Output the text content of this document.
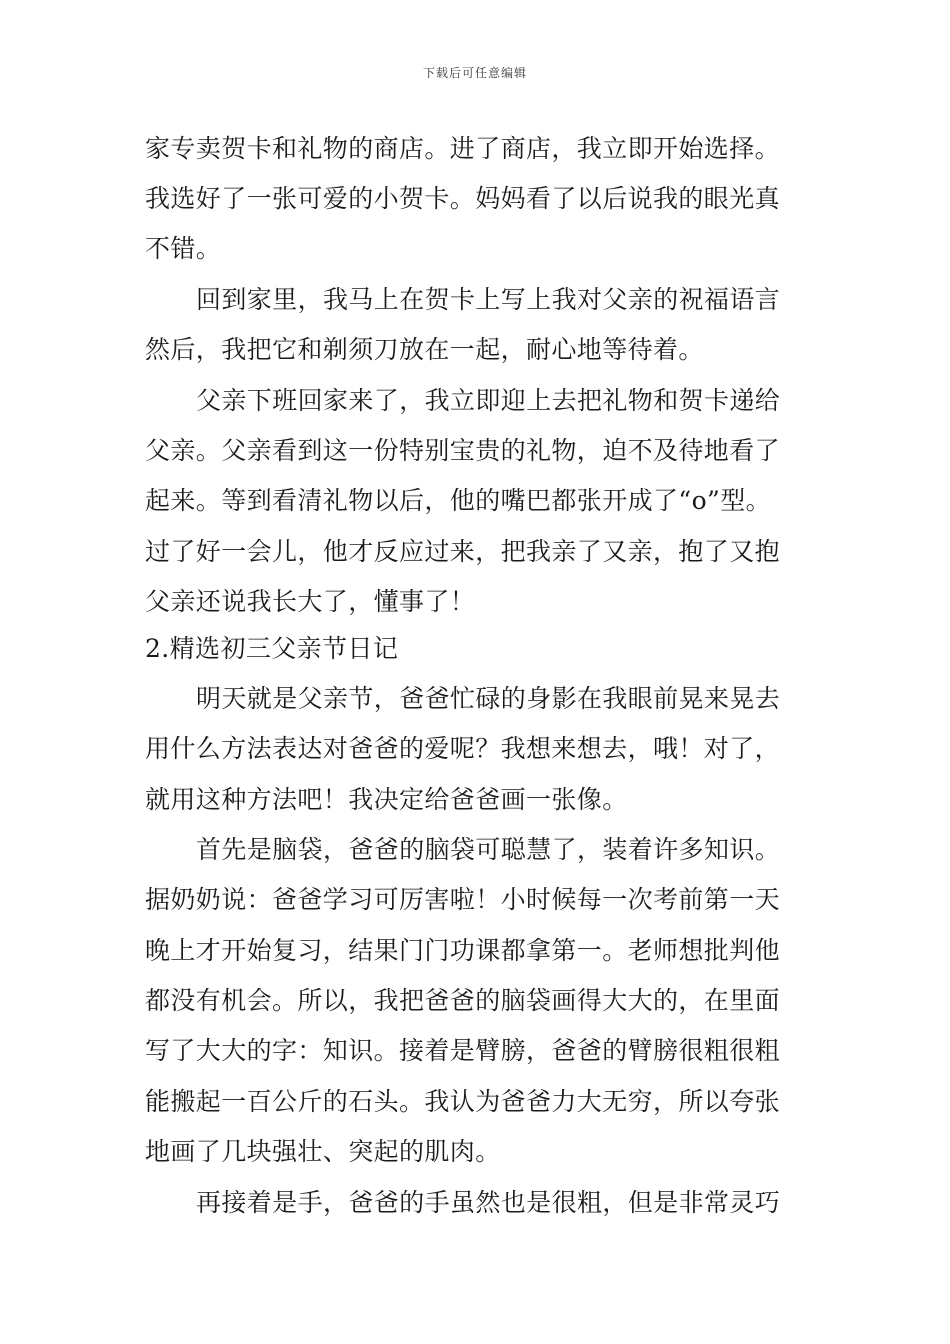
下载后可任意编辑
家专卖贺卡和礼物的商店。进了商店，我立即开始选择。
我选好了一张可爱的小贺卡。妈妈看了以后说我的眼光真
不错。
回到家里，我马上在贺卡上写上我对父亲的祝福语言
然后，我把它和剃须刀放在一起，耐心地等待着。
父亲下班回家来了，我立即迎上去把礼物和贺卡递给
父亲。父亲看到这一份特别宝贵的礼物，迫不及待地看了
起来。等到看清礼物以后，他的嘴巴都张开成了“o”型。
过了好一会儿，他才反应过来，把我亲了又亲，抱了又抱
父亲还说我长大了，懂事了！
2.精选初三父亲节日记
明天就是父亲节，爸爸忙碌的身影在我眼前晃来晃去
用什么方法表达对爸爸的爱呢？我想来想去，哦！对了，
就用这种方法吧！我决定给爸爸画一张像。
首先是脑袋，爸爸的脑袋可聪慧了，装着许多知识。
据奶奶说：爸爸学习可厉害啦！小时候每一次考前第一天
晚上才开始复习，结果门门功课都拿第一。老师想批判他
都没有机会。所以，我把爸爸的脑袋画得大大的，在里面
写了大大的字：知识。接着是臂膀，爸爸的臂膀很粗很粗
能搬起一百公斤的石头。我认为爸爸力大无穷，所以夸张
地画了几块强壮、突起的肌肉。
再接着是手，爸爸的手虽然也是很粗，但是非常灵巧
